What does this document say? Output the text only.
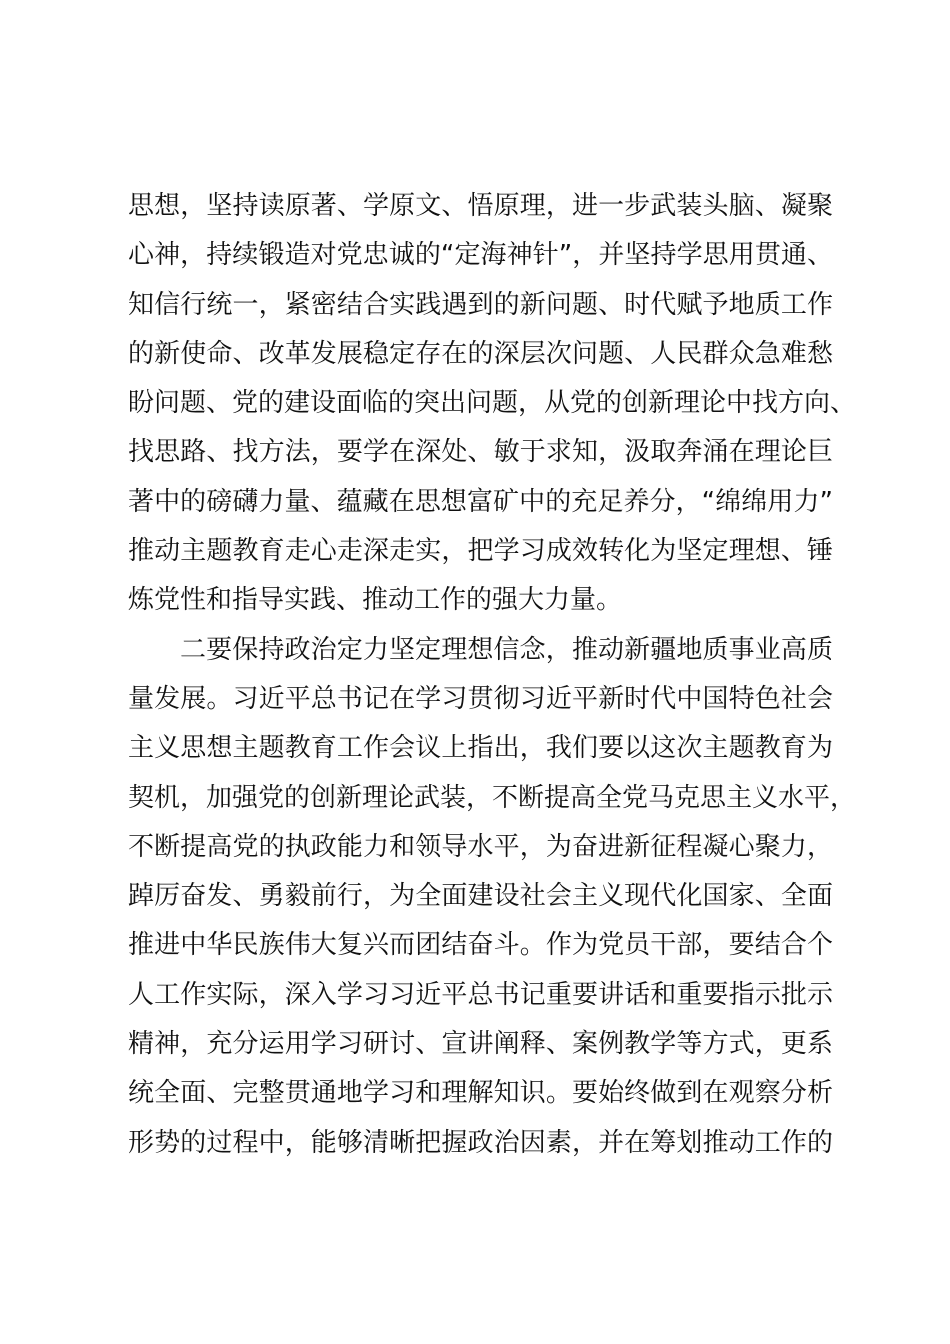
思想，坚持读原著、学原文、悟原理，进一步武装头脑、凝聚
心神，持续锻造对党忠诚的“定海神针”，并坚持学思用贯通、
知信行统一，紧密结合实践遇到的新问题、时代赋予地质工作
的新使命、改革发展稳定存在的深层次问题、人民群众急难愁
盼问题、党的建设面临的突出问题，从党的创新理论中找方向、
找思路、找方法，要学在深处、敏于求知，汲取奔涌在理论巨
著中的磅礴力量、蕴藏在思想富矿中的充足养分，“绵绵用力”
推动主题教育走心走深走实，把学习成效转化为坚定理想、锤
炼党性和指导实践、推动工作的强大力量。
二要保持政治定力坚定理想信念，推动新疆地质事业高质
量发展。习近平总书记在学习贯彻习近平新时代中国特色社会
主义思想主题教育工作会议上指出，我们要以这次主题教育为
契机，加强党的创新理论武装，不断提高全党马克思主义水平，
不断提高党的执政能力和领导水平，为奋进新征程凝心聚力，
踔厉奋发、勇毅前行，为全面建设社会主义现代化国家、全面
推进中华民族伟大复兴而团结奋斗。作为党员干部，要结合个
人工作实际，深入学习习近平总书记重要讲话和重要指示批示
精神，充分运用学习研讨、宣讲阐释、案例教学等方式，更系
统全面、完整贯通地学习和理解知识。要始终做到在观察分析
形势的过程中，能够清晰把握政治因素，并在筹划推动工作的
